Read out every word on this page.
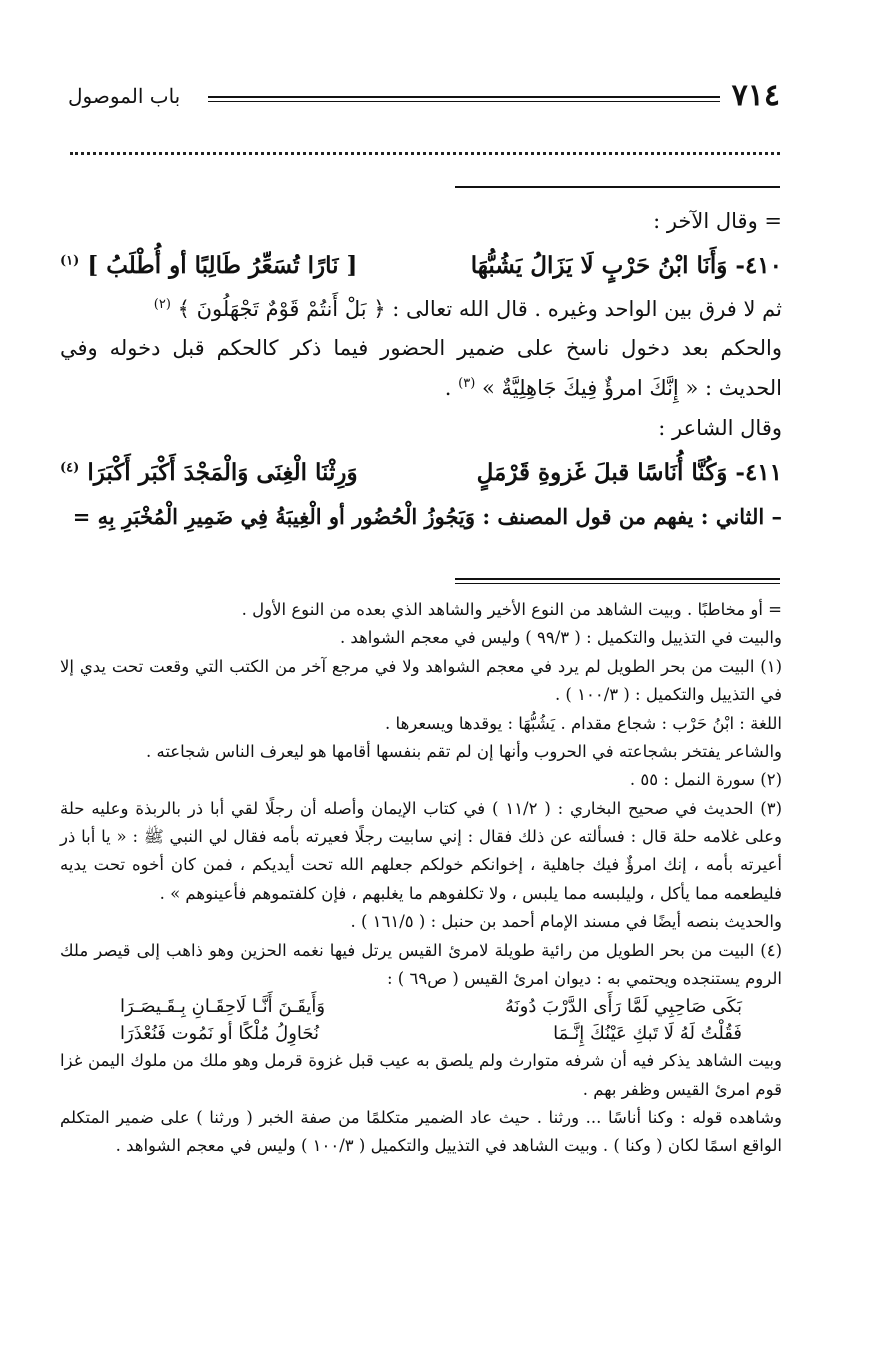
٧١٤
باب الموصول

= وقال الآخر :

٤١٠- وَأَنَا ابْنُ حَرْبٍ لَا يَزَالُ يَشُبُّهَا
[ نَارًا تُسَعِّرُ طَالِبًا أو أُطْلَبُ ] $^{(١)}$

ثم لا فرق بين الواحد وغيره . قال الله تعالى : ﴿ بَلْ أَنتُمْ قَوْمٌ تَجْهَلُونَ ﴾ $^{(٢)}$

والحكم بعد دخول ناسخ على ضمير الحضور فيما ذكر كالحكم قبل دخوله وفي الحديث : « إِنَّكَ امرؤٌ فِيكَ جَاهِلِيَّةٌ » $^{(٣)}$ .

وقال الشاعر :

٤١١- وَكُنَّا أُنَاسًا قبلَ غَزوةِ قَرْمَلٍ
وَرِثْنَا الْغِنَى وَالْمَجْدَ أَكْبَر أَكْبَرَا $^{(٤)}$

– الثاني : يفهم من قول المصنف : وَيَجُوزُ الْحُضُور أو الْغِيبَةُ فِي ضَمِيرِ الْمُخْبَرِ بِهِ =

= أو مخاطبًا . وبيت الشاهد من النوع الأخير والشاهد الذي بعده من النوع الأول .

والبيت في التذييل والتكميل : ( ٩٩/٣ ) وليس في معجم الشواهد .

(١) البيت من بحر الطويل لم يرد في معجم الشواهد ولا في مرجع آخر من الكتب التي وقعت تحت يدي إلا في التذييل والتكميل : ( ١٠٠/٣ ) .

اللغة : ابْنُ حَرْب : شجاع مقدام . يَشُبُّهَا : يوقدها ويسعرها .

والشاعر يفتخر بشجاعته في الحروب وأنها إن لم تقم بنفسها أقامها هو ليعرف الناس شجاعته .

(٢) سورة النمل : ٥٥ .

(٣) الحديث في صحيح البخاري : ( ١١/٢ ) في كتاب الإيمان وأصله أن رجلًا لقي أبا ذر بالربذة وعليه حلة وعلى غلامه حلة قال : فسألته عن ذلك فقال : إني سابيت رجلًا فعيرته بأمه فقال لي النبي ﷺ : « يا أبا ذر أعيرته بأمه ، إنك امرؤٌ فيك جاهلية ، إخوانكم خولكم جعلهم الله تحت أيديكم ، فمن كان أخوه تحت يديه فليطعمه مما يأكل ، وليلبسه مما يلبس ، ولا تكلفوهم ما يغلبهم ، فإن كلفتموهم فأعينوهم » .

والحديث بنصه أيضًا في مسند الإمام أحمد بن حنبل : ( ١٦١/٥ ) .

(٤) البيت من بحر الطويل من رائية طويلة لامرئ القيس يرتل فيها نغمه الحزين وهو ذاهب إلى قيصر ملك الروم يستنجده ويحتمي به : ديوان امرئ القيس ( ص٦٩ ) :

بَكَى صَاحِبِي لَمَّا رَأَى الدَّرْبَ دُونَهُ
وَأَيقَـنَ أَنَّـا لَاحِقَـانِ بِـقَـيصَـرَا
فَقُلْتُ لَهُ لَا تَبكِ عَيْنُكَ إِنَّـمَا
نُحَاوِلُ مُلْكًا أو نَمُوت فَنُعْذَرَا

وبيت الشاهد يذكر فيه أن شرفه متوارث ولم يلصق به عيب قبل غزوة قرمل وهو ملك من ملوك اليمن غزا قوم امرئ القيس وظفر بهم .

وشاهده قوله : وكنا أناسًا ... ورثنا . حيث عاد الضمير متكلمًا من صفة الخبر ( ورثنا ) على ضمير المتكلم الواقع اسمًا لكان ( وكنا ) . وبيت الشاهد في التذييل والتكميل ( ١٠٠/٣ ) وليس في معجم الشواهد .
